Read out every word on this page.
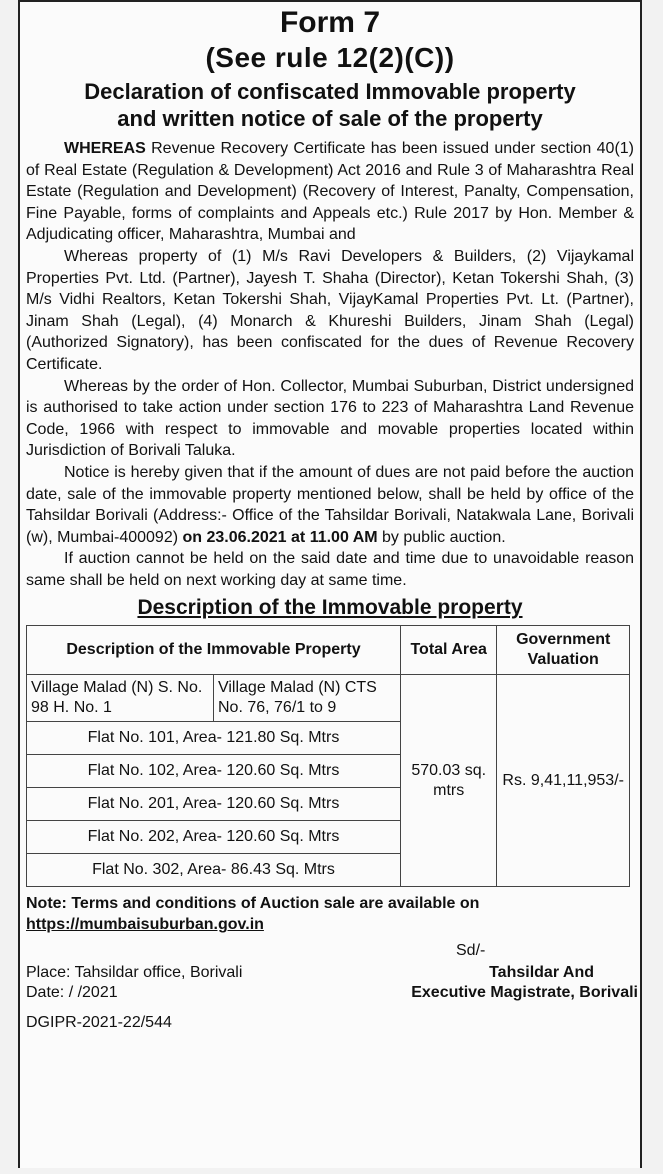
Form 7
(See rule 12(2)(C))
Declaration of confiscated Immovable property
and written notice of sale of the property

WHEREAS Revenue Recovery Certificate has been issued under section 40(1) of Real Estate (Regulation & Development) Act 2016 and Rule 3 of Maharashtra Real Estate (Regulation and Development) (Recovery of Interest, Panalty, Compensation, Fine Payable, forms of complaints and Appeals etc.) Rule 2017 by Hon. Member & Adjudicating officer, Maharashtra, Mumbai and

Whereas property of (1) M/s Ravi Developers & Builders, (2) Vijaykamal Properties Pvt. Ltd. (Partner), Jayesh T. Shaha (Director), Ketan Tokershi Shah, (3) M/s Vidhi Realtors, Ketan Tokershi Shah, VijayKamal Properties Pvt. Lt. (Partner), Jinam Shah (Legal), (4) Monarch & Khureshi Builders, Jinam Shah (Legal) (Authorized Signatory), has been confiscated for the dues of Revenue Recovery Certificate.

Whereas by the order of Hon. Collector, Mumbai Suburban, District undersigned is authorised to take action under section 176 to 223 of Maharashtra Land Revenue Code, 1966 with respect to immovable and movable properties located within Jurisdiction of Borivali Taluka.

Notice is hereby given that if the amount of dues are not paid before the auction date, sale of the immovable property mentioned below, shall be held by office of the Tahsildar Borivali (Address:- Office of the Tahsildar Borivali, Natakwala Lane, Borivali (w), Mumbai-400092) on 23.06.2021 at 11.00 AM by public auction.

If auction cannot be held on the said date and time due to unavoidable reason same shall be held on next working day at same time.

Description of the Immovable property
Description of the Immovable Property	Total Area	Government Valuation

Village Malad (N) S. No. 98 H. No. 1
Village Malad (N) CTS No. 76, 76/1 to 9	570.03 sq. mtrs	Rs. 9,41,11,953/-
Flat No. 101, Area- 121.80 Sq. Mtrs		
Flat No. 102, Area- 120.60 Sq. Mtrs		
Flat No. 201, Area- 120.60 Sq. Mtrs		
Flat No. 202, Area- 120.60 Sq. Mtrs		
Flat No. 302, Area- 86.43 Sq. Mtrs		
Note: Terms and conditions of Auction sale are available on
https://mumbaisuburban.gov.in
Sd/-
Place: Tahsildar office, Borivali	Tahsildar And
Date: / /2021	Executive Magistrate, Borivali
DGIPR-2021-22/544
